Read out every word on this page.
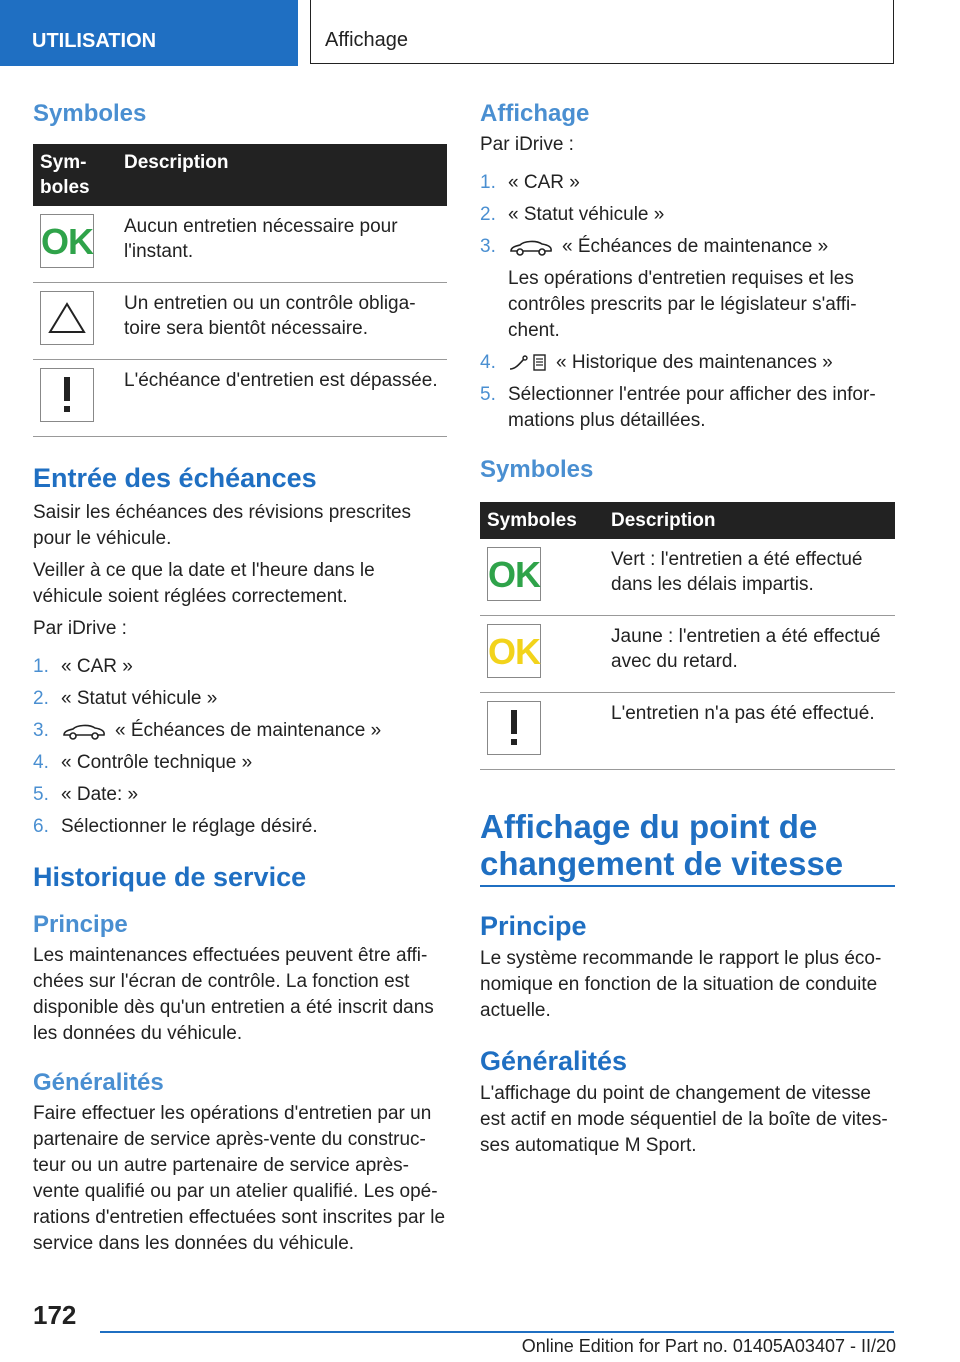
UTILISATION	Affichage
Symboles
Sym-
boles	Description

OK	Aucun entretien nécessaire pour l'instant.

	Un entretien ou un contrôle obliga-toire sera bientôt nécessaire.

	L'échéance d'entretien est dépassée.
Entrée des échéances

Saisir les échéances des révisions prescrites pour le véhicule.

Veiller à ce que la date et l'heure dans le véhicule soient réglées correctement.

Par iDrive :

1. « CAR »
2. « Statut véhicule »
3.	« Échéances de maintenance »
4. « Contrôle technique »
5. « Date: »
6. Sélectionner le réglage désiré.
Historique de service
Principe

Les maintenances effectuées peuvent être affi-chées sur l'écran de contrôle. La fonction est disponible dès qu'un entretien a été inscrit dans les données du véhicule.

Généralités

Faire effectuer les opérations d'entretien par un partenaire de service après-vente du construc-teur ou un autre partenaire de service après-vente qualifié ou par un atelier qualifié. Les opé-rations d'entretien effectuées sont inscrites par le service dans les données du véhicule.

Affichage

Par iDrive :

1. « CAR »
2. « Statut véhicule »
3.	« Échéances de maintenance »
Les opérations d'entretien requises et les contrôles prescrits par le législateur s'affi-chent.
4.	« Historique des maintenances »
5. Sélectionner l'entrée pour afficher des infor-mations plus détaillées.
Symboles
Symboles	Description

OK	Vert : l'entretien a été effectué dans les délais impartis.

OK	Jaune : l'entretien a été effectué avec du retard.

	L'entretien n'a pas été effectué.
Affichage du point de changement de vitesse
Principe

Le système recommande le rapport le plus éco-nomique en fonction de la situation de conduite actuelle.

Généralités

L'affichage du point de changement de vitesse est actif en mode séquentiel de la boîte de vites-ses automatique M Sport.

172
Online Edition for Part no. 01405A03407 - II/20
